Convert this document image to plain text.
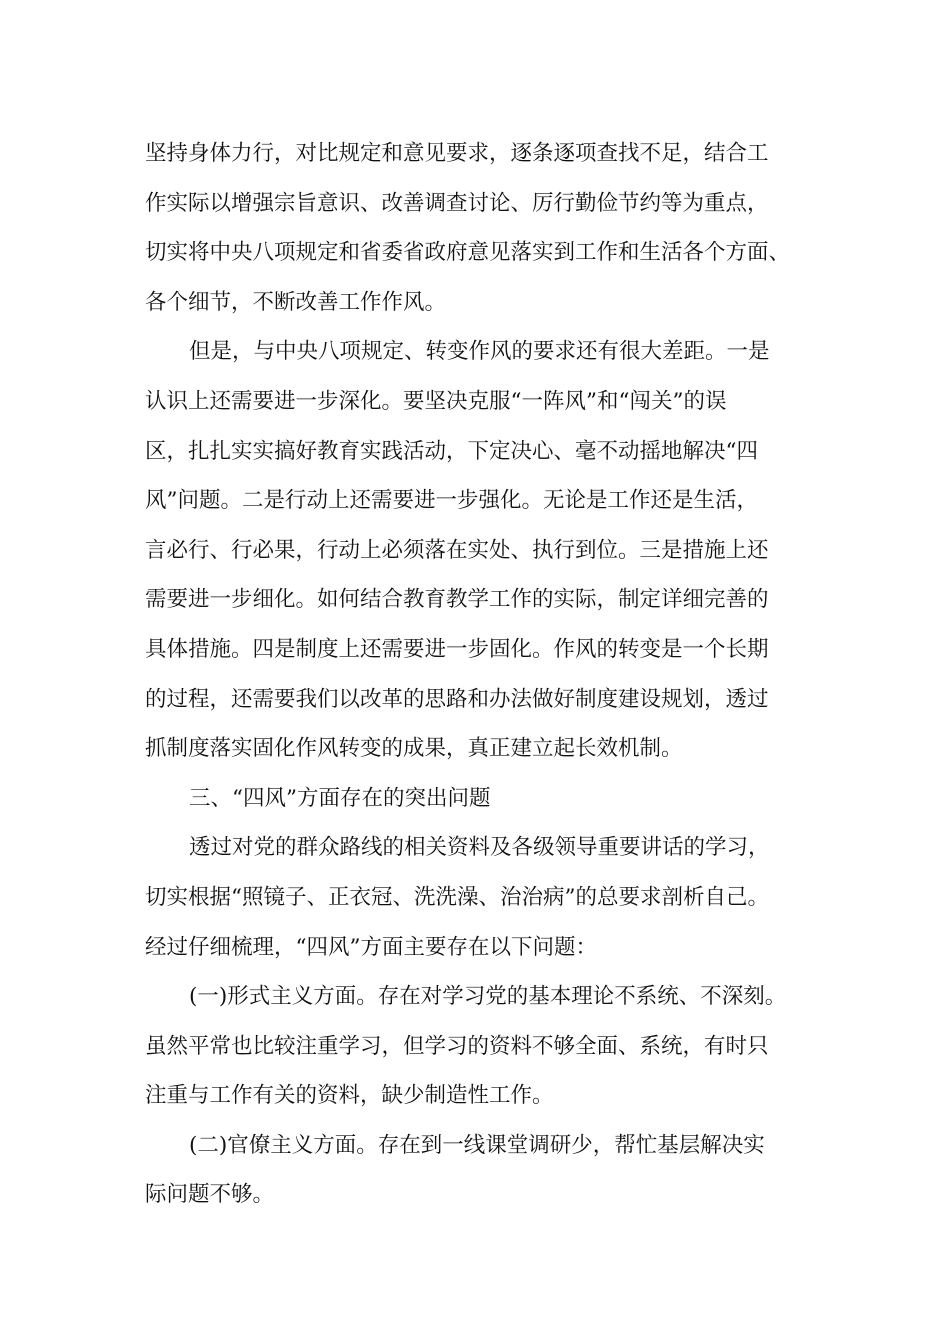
坚持身体力行，对比规定和意见要求，逐条逐项查找不足，结合工
作实际以增强宗旨意识、改善调查讨论、厉行勤俭节约等为重点，
切实将中央八项规定和省委省政府意见落实到工作和生活各个方面、
各个细节，不断改善工作作风。
但是，与中央八项规定、转变作风的要求还有很大差距。一是
认识上还需要进一步深化。要坚决克服“一阵风”和“闯关”的误
区，扎扎实实搞好教育实践活动，下定决心、毫不动摇地解决“四
风”问题。二是行动上还需要进一步强化。无论是工作还是生活，
言必行、行必果，行动上必须落在实处、执行到位。三是措施上还
需要进一步细化。如何结合教育教学工作的实际，制定详细完善的
具体措施。四是制度上还需要进一步固化。作风的转变是一个长期
的过程，还需要我们以改革的思路和办法做好制度建设规划，透过
抓制度落实固化作风转变的成果，真正建立起长效机制。
三、“四风”方面存在的突出问题
透过对党的群众路线的相关资料及各级领导重要讲话的学习，
切实根据“照镜子、正衣冠、洗洗澡、治治病”的总要求剖析自己。
经过仔细梳理，“四风”方面主要存在以下问题：
(一)形式主义方面。存在对学习党的基本理论不系统、不深刻。
虽然平常也比较注重学习，但学习的资料不够全面、系统，有时只
注重与工作有关的资料，缺少制造性工作。
(二)官僚主义方面。存在到一线课堂调研少，帮忙基层解决实
际问题不够。
